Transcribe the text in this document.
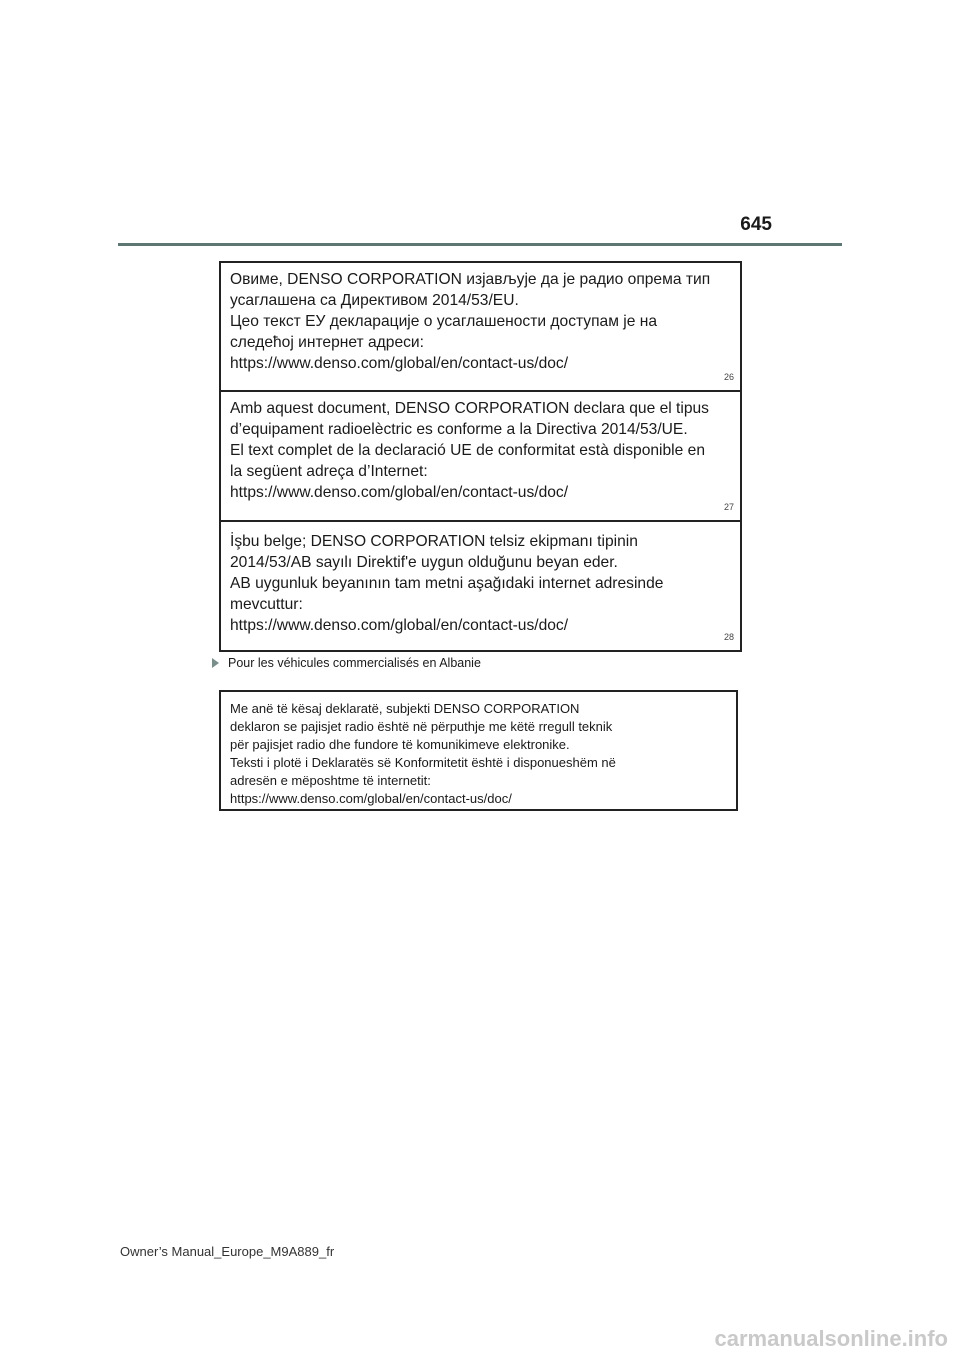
645
Овиме, DENSO CORPORATION изјављује да је радио опрема тип
усаглашена са Директивом 2014/53/EU.
Цео текст ЕУ декларације о усаглашености доступам је на
следећој интернет адреси:
https://www.denso.com/global/en/contact-us/doc/
26
Amb aquest document, DENSO CORPORATION declara que el tipus
d’equipament radioelèctric es conforme a la Directiva 2014/53/UE.
El text complet de la declaració UE de conformitat està disponible en
la següent adreça d’Internet:
https://www.denso.com/global/en/contact-us/doc/
27
İşbu belge; DENSO CORPORATION telsiz ekipmanı tipinin
2014/53/AB sayılı Direktif'e uygun olduğunu beyan eder.
AB uygunluk beyanının tam metni aşağıdaki internet adresinde
mevcuttur:
https://www.denso.com/global/en/contact-us/doc/
28
Pour les véhicules commercialisés en Albanie
Me anë të kësaj deklaratë, subjekti DENSO CORPORATION
deklaron se pajisjet radio është në përputhje me këtë rregull teknik
për pajisjet radio dhe fundore të komunikimeve elektronike.
Teksti i plotë i Deklaratës së Konformitetit është i disponueshëm në
adresën e mëposhtme të internetit:
https://www.denso.com/global/en/contact-us/doc/
Owner’s Manual_Europe_M9A889_fr
carmanualsonline.info
